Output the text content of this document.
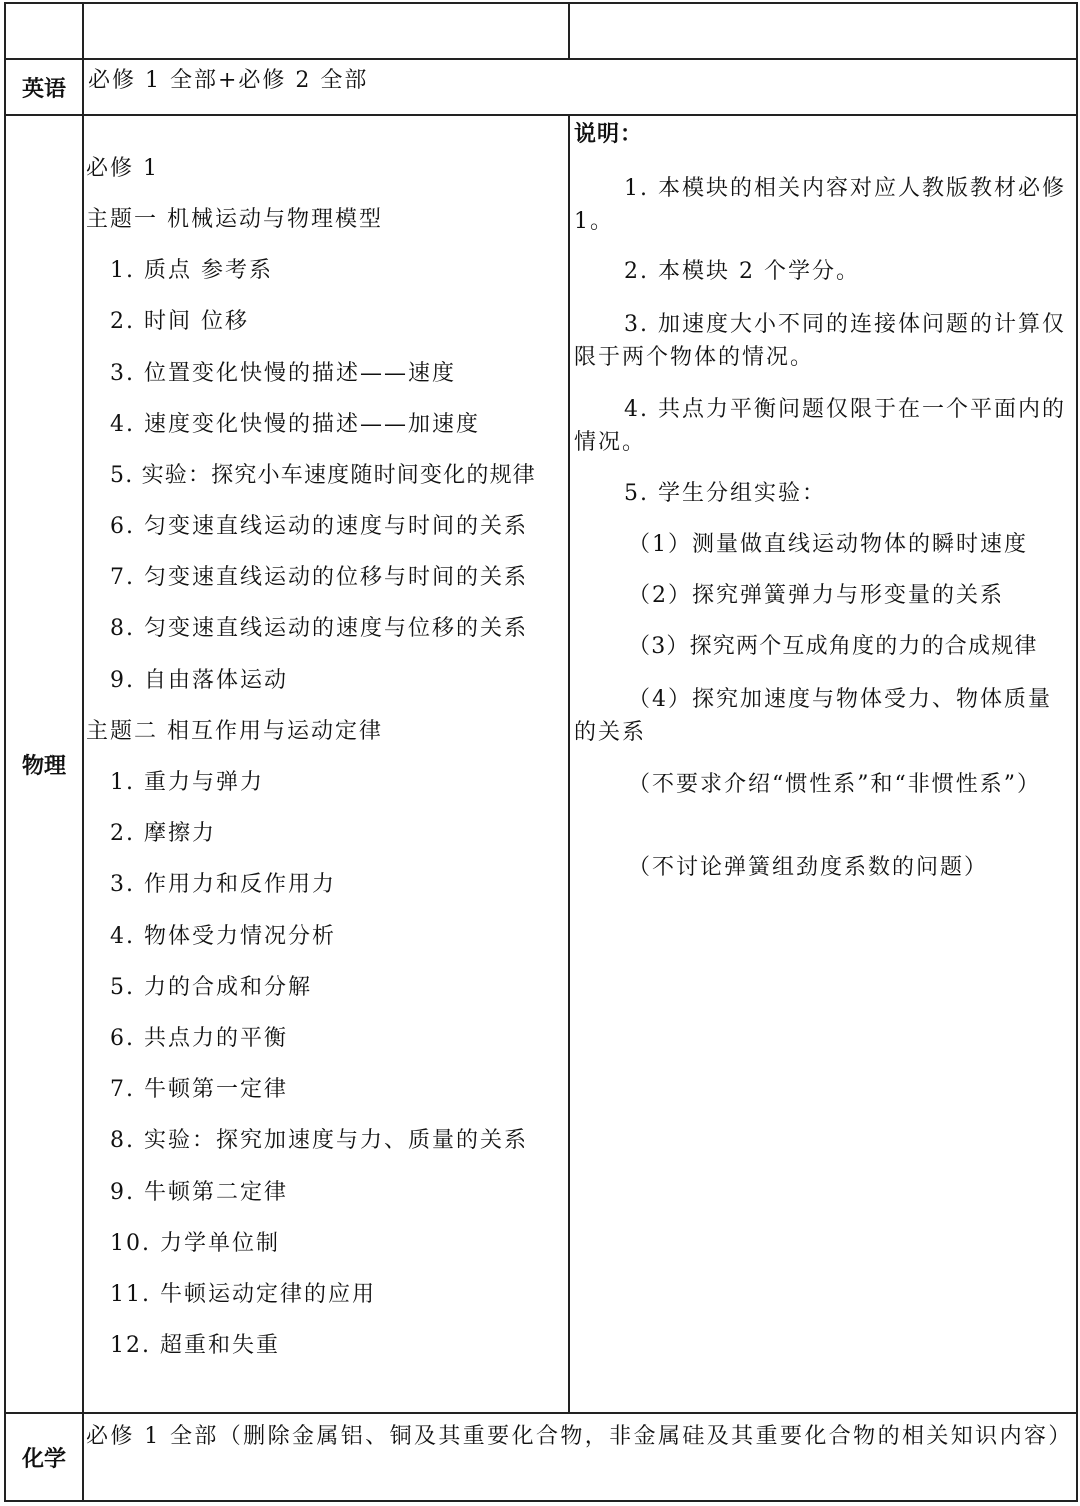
英语 必修 1 全部+必修 2 全部
物理
必修 1
主题一 机械运动与物理模型
1. 质点 参考系
2. 时间 位移
3. 位置变化快慢的描述——速度
4. 速度变化快慢的描述——加速度
5. 实验：探究小车速度随时间变化的规律
6. 匀变速直线运动的速度与时间的关系
7. 匀变速直线运动的位移与时间的关系
8. 匀变速直线运动的速度与位移的关系
9. 自由落体运动
主题二 相互作用与运动定律
1. 重力与弹力
2. 摩擦力
3. 作用力和反作用力
4. 物体受力情况分析
5. 力的合成和分解
6. 共点力的平衡
7. 牛顿第一定律
8. 实验：探究加速度与力、质量的关系
9. 牛顿第二定律
10. 力学单位制
11. 牛顿运动定律的应用
12. 超重和失重
说明：
1. 本模块的相关内容对应人教版教材必修 1。
2. 本模块 2 个学分。
3. 加速度大小不同的连接体问题的计算仅限于两个物体的情况。
4. 共点力平衡问题仅限于在一个平面内的情况。
5. 学生分组实验：
（1）测量做直线运动物体的瞬时速度
（2）探究弹簧弹力与形变量的关系
（3）探究两个互成角度的力的合成规律
（4）探究加速度与物体受力、物体质量的关系
（不要求介绍“惯性系”和“非惯性系”）
（不讨论弹簧组劲度系数的问题）
化学
必修 1 全部（删除金属铝、铜及其重要化合物，非金属硅及其重要化合物的相关知识内容）
